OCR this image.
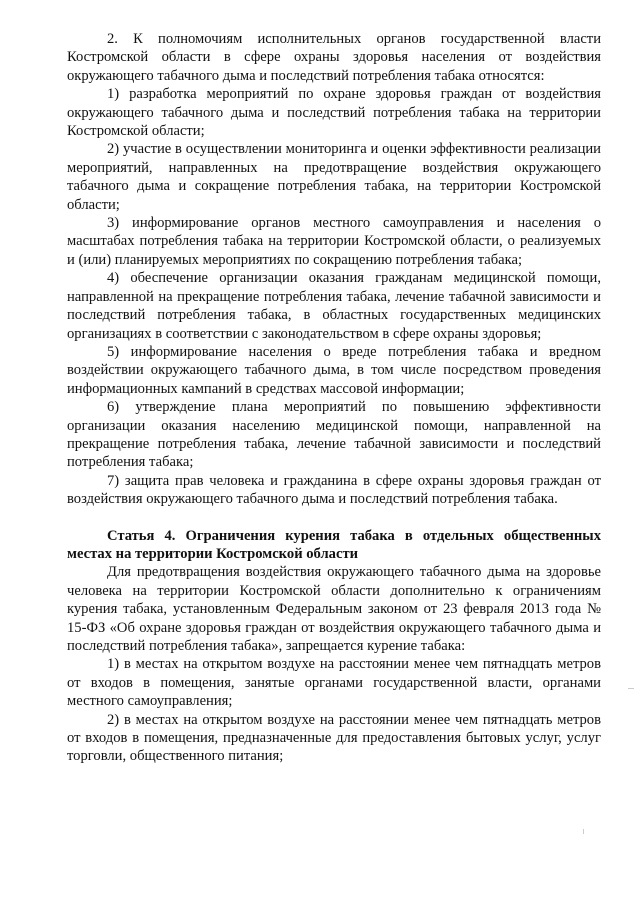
2. К полномочиям исполнительных органов государственной власти Костромской области в сфере охраны здоровья населения от воздействия окружающего табачного дыма и последствий потребления табака относятся:

1) разработка мероприятий по охране здоровья граждан от воздействия окружающего табачного дыма и последствий потребления табака на территории Костромской области;

2) участие в осуществлении мониторинга и оценки эффективности реализации мероприятий, направленных на предотвращение воздействия окружающего табачного дыма и сокращение потребления табака, на территории Костромской области;

3) информирование органов местного самоуправления и населения о масштабах потребления табака на территории Костромской области, о реализуемых и (или) планируемых мероприятиях по сокращению потребления табака;

4) обеспечение организации оказания гражданам медицинской помощи, направленной на прекращение потребления табака, лечение табачной зависимости и последствий потребления табака, в областных государственных медицинских организациях в соответствии с законодательством в сфере охраны здоровья;

5) информирование населения о вреде потребления табака и вредном воздействии окружающего табачного дыма, в том числе посредством проведения информационных кампаний в средствах массовой информации;

6) утверждение плана мероприятий по повышению эффективности организации оказания населению медицинской помощи, направленной на прекращение потребления табака, лечение табачной зависимости и последствий потребления табака;

7) защита прав человека и гражданина в сфере охраны здоровья граждан от воздействия окружающего табачного дыма и последствий потребления табака.

Статья 4. Ограничения курения табака в отдельных общественных местах на территории Костромской области

Для предотвращения воздействия окружающего табачного дыма на здоровье человека на территории Костромской области дополнительно к ограничениям курения табака, установленным Федеральным законом от 23 февраля 2013 года № 15-ФЗ «Об охране здоровья граждан от воздействия окружающего табачного дыма и последствий потребления табака», запрещается курение табака:

1) в местах на открытом воздухе на расстоянии менее чем пятнадцать метров от входов в помещения, занятые органами государственной власти, органами местного самоуправления;

2) в местах на открытом воздухе на расстоянии менее чем пятнадцать метров от входов в помещения, предназначенные для предоставления бытовых услуг, услуг торговли, общественного питания;
